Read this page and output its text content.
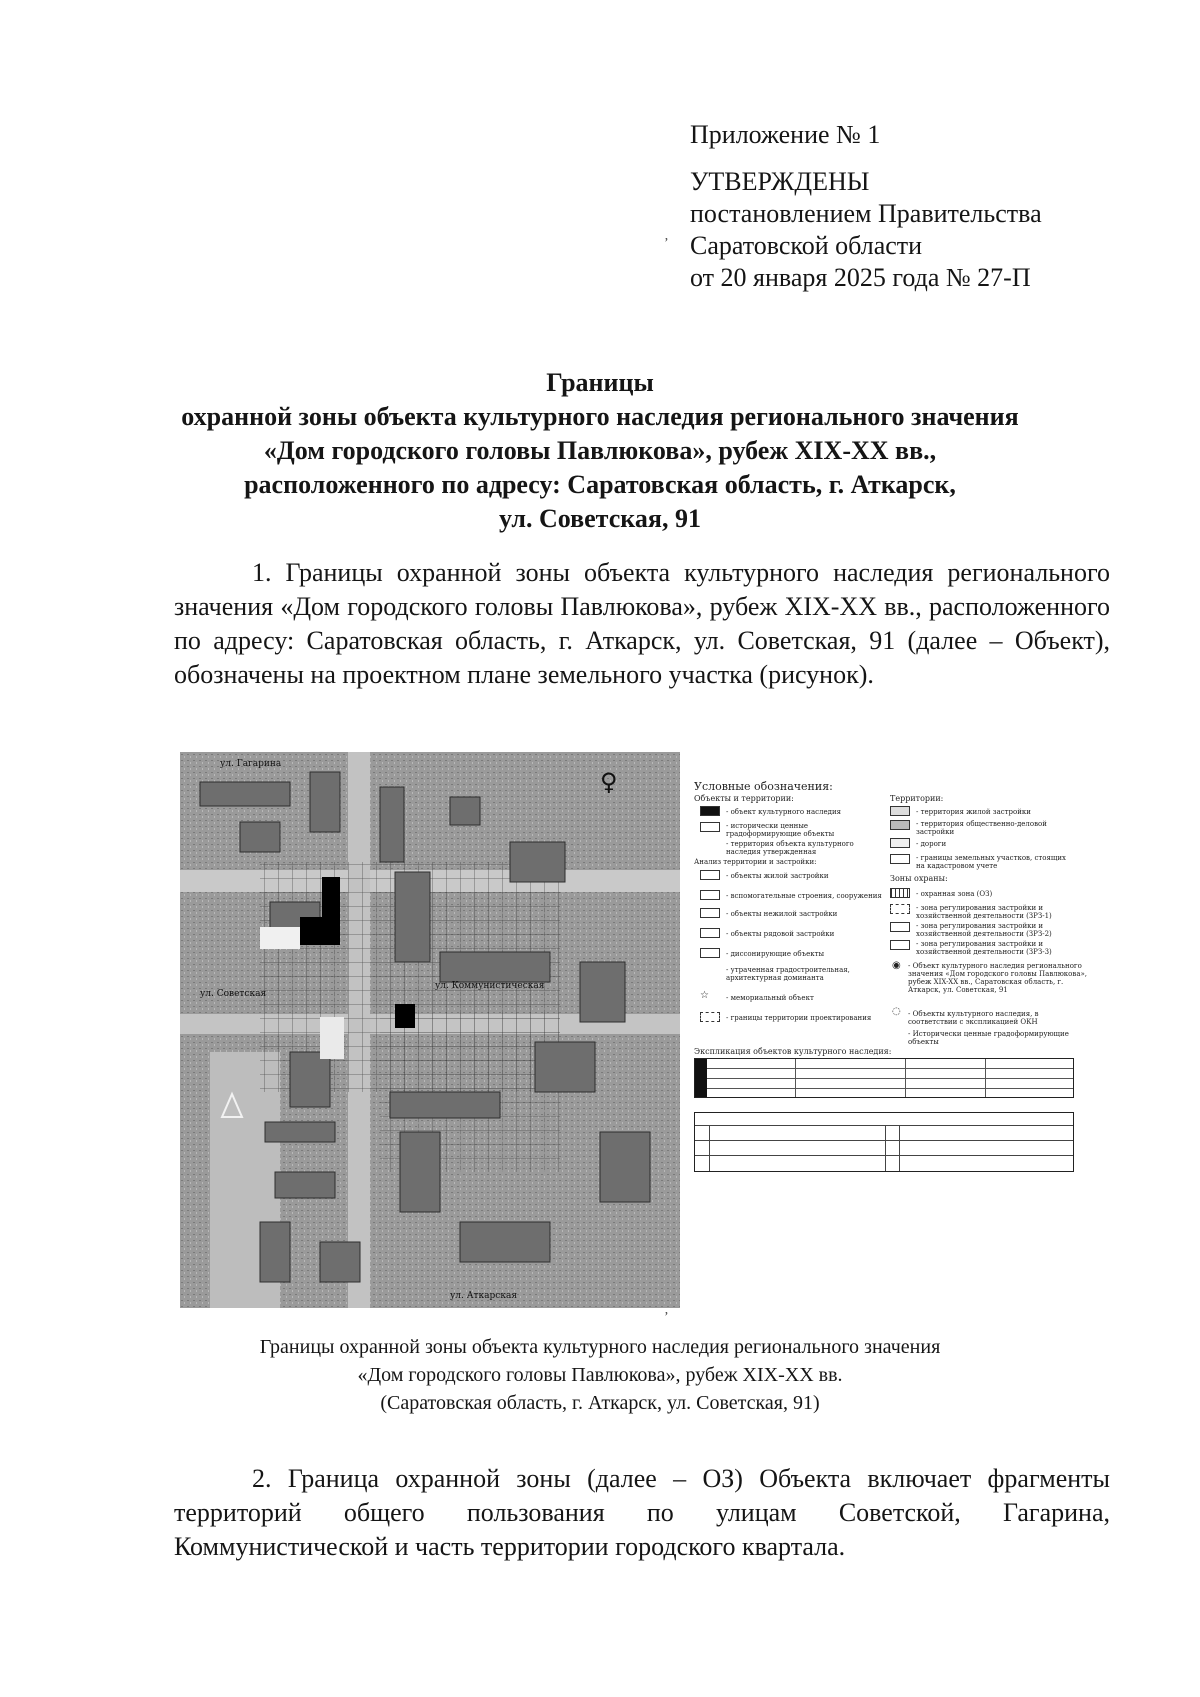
Приложение № 1
УТВЕРЖДЕНЫ
постановлением Правительства
Саратовской области
от 20 января 2025 года № 27-П
Границы
охранной зоны объекта культурного наследия регионального значения
«Дом городского головы Павлюкова», рубеж XIX-XX вв.,
расположенного по адресу: Саратовская область, г. Аткарск,
ул. Советская, 91
1. Границы охранной зоны объекта культурного наследия регионального значения «Дом городского головы Павлюкова», рубеж XIX-XX вв., расположенного по адресу: Саратовская область, г. Аткарск, ул. Советская, 91 (далее – Объект), обозначены на проектном плане земельного участка (рисунок).
♀
ул. Гагарина
ул. Коммунистическая
ул. Советская
ул. Аткарская
Условные обозначения:
Объекты и территории:	Территории:
- объект культурного наследия
- исторически ценные градоформирующие объекты
- территория объекта культурного наследия утвержденная
Анализ территории и застройки:
- объекты жилой застройки
- вспомогательные строения, сооружения
- объекты нежилой застройки
- объекты рядовой застройки
- диссонирующие объекты
- утраченная градостроительная, архитектурная доминанта
☆ - мемориальный объект
- границы территории проектирования
- территория жилой застройки
- территория общественно-деловой застройки
- дороги
- границы земельных участков, стоящих на кадастровом учете
Зоны охраны:
- охранная зона (ОЗ)
- зона регулирования застройки и хозяйственной деятельности (ЗРЗ-1)
- зона регулирования застройки и хозяйственной деятельности (ЗРЗ-2)
- зона регулирования застройки и хозяйственной деятельности (ЗРЗ-3)
◉ - Объект культурного наследия регионального значения «Дом городского головы Павлюкова», рубеж XIX-XX вв., Саратовская область, г. Аткарск, ул. Советская, 91
◌ - Объекты культурного наследия, в соответствии с экспликацией ОКН
- Исторически ценные градоформирующие объекты
Экспликация объектов культурного наследия:
’
’
Границы охранной зоны объекта культурного наследия регионального значения
«Дом городского головы Павлюкова», рубеж XIX-XX вв.
(Саратовская область, г. Аткарск, ул. Советская, 91)
2. Граница охранной зоны (далее – ОЗ) Объекта включает фрагменты территорий общего пользования по улицам Советской, Гагарина, Коммунистической и часть территории городского квартала.
